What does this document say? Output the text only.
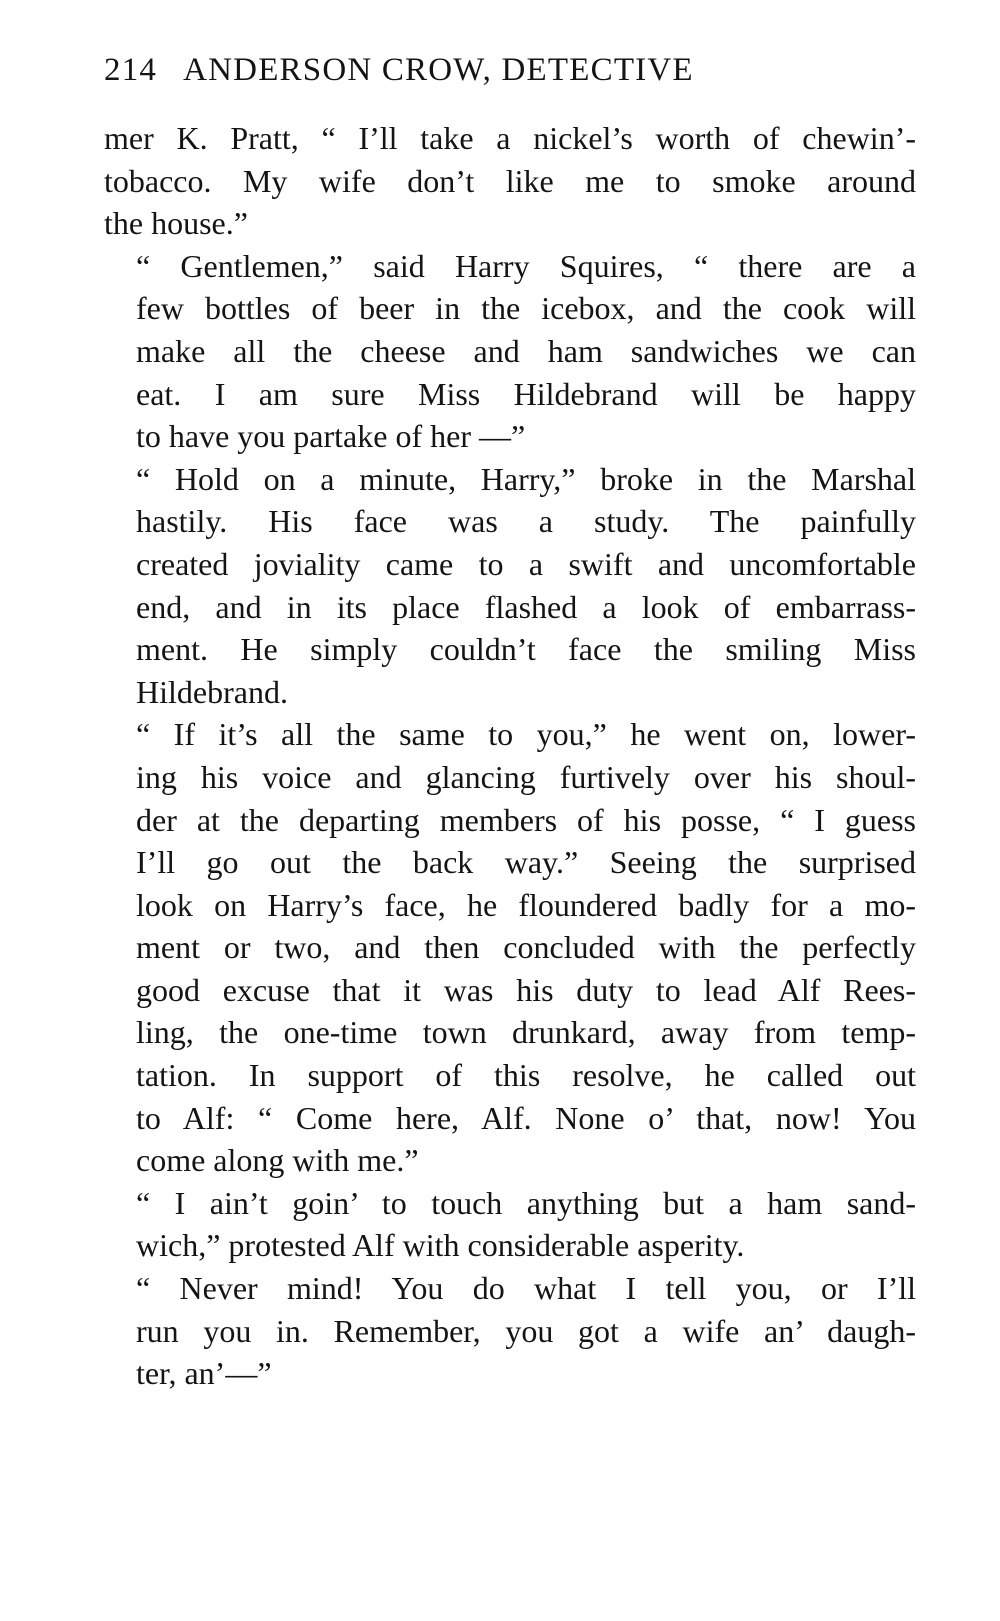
214 ANDERSON CROW, DETECTIVE

mer K. Pratt, “ I’ll take a nickel’s worth of chewin’-
tobacco. My wife don’t like me to smoke around
the house.”

“ Gentlemen,” said Harry Squires, “ there are a
few bottles of beer in the icebox, and the cook will
make all the cheese and ham sandwiches we can
eat. I am sure Miss Hildebrand will be happy
to have you partake of her —”

“ Hold on a minute, Harry,” broke in the Marshal
hastily. His face was a study. The painfully
created joviality came to a swift and uncomfortable
end, and in its place flashed a look of embarrass-
ment. He simply couldn’t face the smiling Miss
Hildebrand.

“ If it’s all the same to you,” he went on, lower-
ing his voice and glancing furtively over his shoul-
der at the departing members of his posse, “ I guess
I’ll go out the back way.” Seeing the surprised
look on Harry’s face, he floundered badly for a mo-
ment or two, and then concluded with the perfectly
good excuse that it was his duty to lead Alf Rees-
ling, the one-time town drunkard, away from temp-
tation. In support of this resolve, he called out
to Alf: “ Come here, Alf. None o’ that, now! You
come along with me.”

“ I ain’t goin’ to touch anything but a ham sand-
wich,” protested Alf with considerable asperity.

“ Never mind! You do what I tell you, or I’ll
run you in. Remember, you got a wife an’ daugh-
ter, an’—”
